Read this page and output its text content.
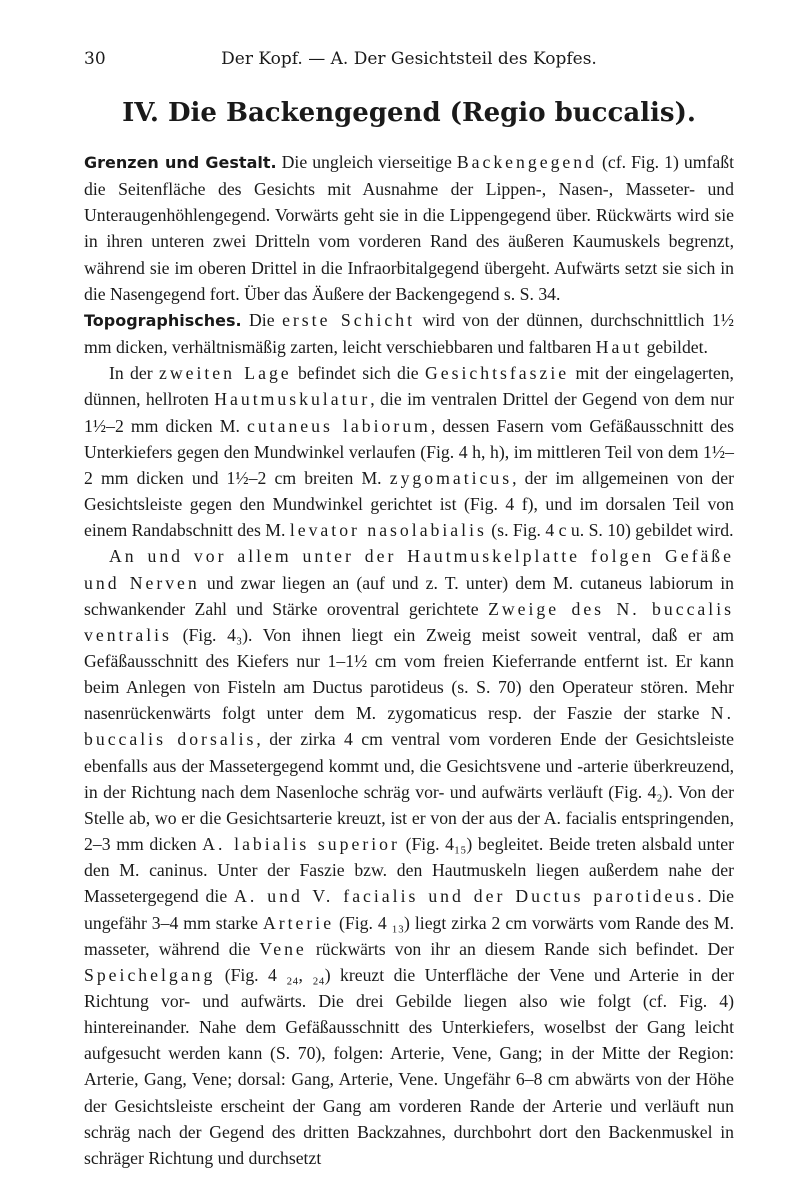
30	Der Kopf. — A. Der Gesichtsteil des Kopfes.
IV. Die Backengegend (Regio buccalis).

Grenzen und Gestalt. Die ungleich vierseitige Backengegend (cf. Fig. 1) umfaßt die Seitenfläche des Gesichts mit Ausnahme der Lippen-, Nasen-, Masseter- und Unteraugenhöhlengegend. Vorwärts geht sie in die Lippengegend über. Rückwärts wird sie in ihren unteren zwei Dritteln vom vorderen Rand des äußeren Kaumuskels begrenzt, während sie im oberen Drittel in die Infraorbitalgegend übergeht. Aufwärts setzt sie sich in die Nasengegend fort. Über das Äußere der Backengegend s. S. 34.

Topographisches. Die erste Schicht wird von der dünnen, durchschnittlich 1½ mm dicken, verhältnismäßig zarten, leicht verschiebbaren und faltbaren Haut gebildet.

In der zweiten Lage befindet sich die Gesichtsfaszie mit der eingelagerten, dünnen, hellroten Hautmuskulatur, die im ventralen Drittel der Gegend von dem nur 1½–2 mm dicken M. cutaneus labiorum, dessen Fasern vom Gefäßausschnitt des Unterkiefers gegen den Mundwinkel verlaufen (Fig. 4 h, h), im mittleren Teil von dem 1½–2 mm dicken und 1½–2 cm breiten M. zygomaticus, der im allgemeinen von der Gesichtsleiste gegen den Mundwinkel gerichtet ist (Fig. 4 f), und im dorsalen Teil von einem Randabschnitt des M. levator nasolabialis (s. Fig. 4 c u. S. 10) gebildet wird.

An und vor allem unter der Hautmuskelplatte folgen Gefäße und Nerven und zwar liegen an (auf und z. T. unter) dem M. cutaneus labiorum in schwankender Zahl und Stärke oroventral gerichtete Zweige des N. buccalis ventralis (Fig. 4₃). Von ihnen liegt ein Zweig meist soweit ventral, daß er am Gefäßausschnitt des Kiefers nur 1–1½ cm vom freien Kieferrande entfernt ist. Er kann beim Anlegen von Fisteln am Ductus parotideus (s. S. 70) den Operateur stören. Mehr nasenrückenwärts folgt unter dem M. zygomaticus resp. der Faszie der starke N. buccalis dorsalis, der zirka 4 cm ventral vom vorderen Ende der Gesichtsleiste ebenfalls aus der Massetergegend kommt und, die Gesichtsvene und -arterie überkreuzend, in der Richtung nach dem Nasenloche schräg vor- und aufwärts verläuft (Fig. 4₂). Von der Stelle ab, wo er die Gesichtsarterie kreuzt, ist er von der aus der A. facialis entspringenden, 2–3 mm dicken A. labialis superior (Fig. 4₁₅) begleitet. Beide treten alsbald unter den M. caninus. Unter der Faszie bzw. den Hautmuskeln liegen außerdem nahe der Massetergegend die A. und V. facialis und der Ductus parotideus. Die ungefähr 3–4 mm starke Arterie (Fig. 4 ₁₃) liegt zirka 2 cm vorwärts vom Rande des M. masseter, während die Vene rückwärts von ihr an diesem Rande sich befindet. Der Speichelgang (Fig. 4 ₂₄, ₂₄) kreuzt die Unterfläche der Vene und Arterie in der Richtung vor- und aufwärts. Die drei Gebilde liegen also wie folgt (cf. Fig. 4) hintereinander. Nahe dem Gefäßausschnitt des Unterkiefers, woselbst der Gang leicht aufgesucht werden kann (S. 70), folgen: Arterie, Vene, Gang; in der Mitte der Region: Arterie, Gang, Vene; dorsal: Gang, Arterie, Vene. Ungefähr 6–8 cm abwärts von der Höhe der Gesichtsleiste erscheint der Gang am vorderen Rande der Arterie und verläuft nun schräg nach der Gegend des dritten Backzahnes, durchbohrt dort den Backenmuskel in schräger Richtung und durchsetzt
